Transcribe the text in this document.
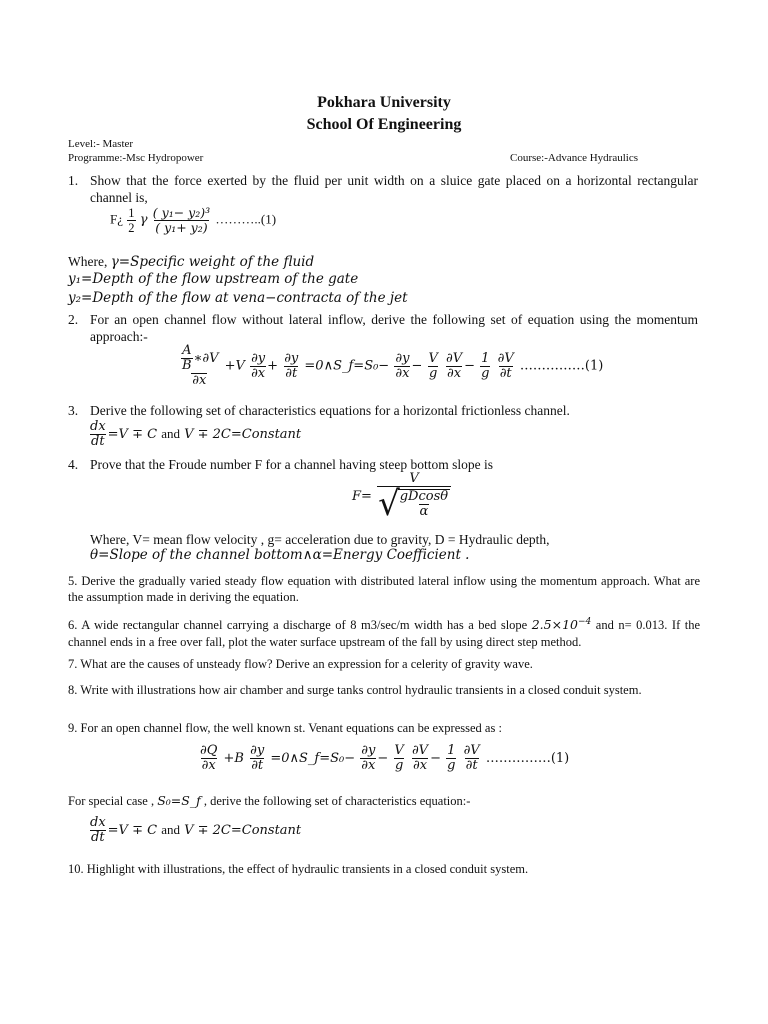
Pokhara University
School Of Engineering
Level:- Master
Programme:-Msc Hydropower	Course:-Advance Hydraulics
1. Show that the force exerted by the fluid per unit width on a sluice gate placed on a horizontal rectangular channel is,
F¿ $\frac{1}{2}$ γ $\frac{\text{( y₁− y₂)³}}{\text{( y₁+ y₂)}}$ ………..(1)
Where, γ=Specific weight of the fluid
y₁=Depth of the flow upstream of the gate
y₂=Depth of the flow at vena−contracta of the jet
2. For an open channel flow without lateral inflow, derive the following set of equation using the momentum approach:-
$\frac{\frac{A}{B} ∗\partial V}{\partial x} +V \frac{\partial y}{\partial x} + \frac{\partial y}{\partial t}$ =0∧S_f=S₀− $\frac{\partial y}{\partial x} - \frac{V}{g}$
$\frac{\partial V}{\partial x} - \frac{1}{g}$
$\frac{\partial V}{\partial t}$ ……………(1)
3. Derive the following set of characteristics equations for a horizontal frictionless channel.
$\frac{dx}{dt} =V \mp C$ and V ∓ 2C=Constant
4. Prove that the Froude number F for a channel having steep bottom slope is
$F= \frac{V}{√ \frac{gDcos\theta}{\alpha}}$
Where, V= mean flow velocity , g= acceleration due to gravity, D = Hydraulic depth,
θ=Slope of the channel bottom∧α=Energy Coefficient .
5. Derive the gradually varied steady flow equation with distributed lateral inflow using the momentum approach. What are the assumption made in deriving the equation.
6. A wide rectangular channel carrying a discharge of 8 m3/sec/m width has a bed slope $2.5\times 10^{-4}$ and n= 0.013. If the channel ends in a free over fall, plot the water surface upstream of the fall by using direct step method.
7. What are the causes of unsteady flow? Derive an expression for a celerity of gravity wave.
8. Write with illustrations how air chamber and surge tanks control hydraulic transients in a closed conduit system.
9. For an open channel flow, the well known st. Venant equations can be expressed as :
$\frac{\partial Q}{\partial x} +B \frac{\partial y}{\partial t}$ =0∧S_f=S₀− $\frac{\partial y}{\partial x} - \frac{V}{g}$
$\frac{\partial V}{\partial x} - \frac{1}{g}$
$\frac{\partial V}{\partial t}$ ……………(1)
For special case , S₀=S_f , derive the following set of characteristics equation:-
$\frac{dx}{dt} =V \mp C$ and V ∓ 2C=Constant
10. Highlight with illustrations, the effect of hydraulic transients in a closed conduit system.
